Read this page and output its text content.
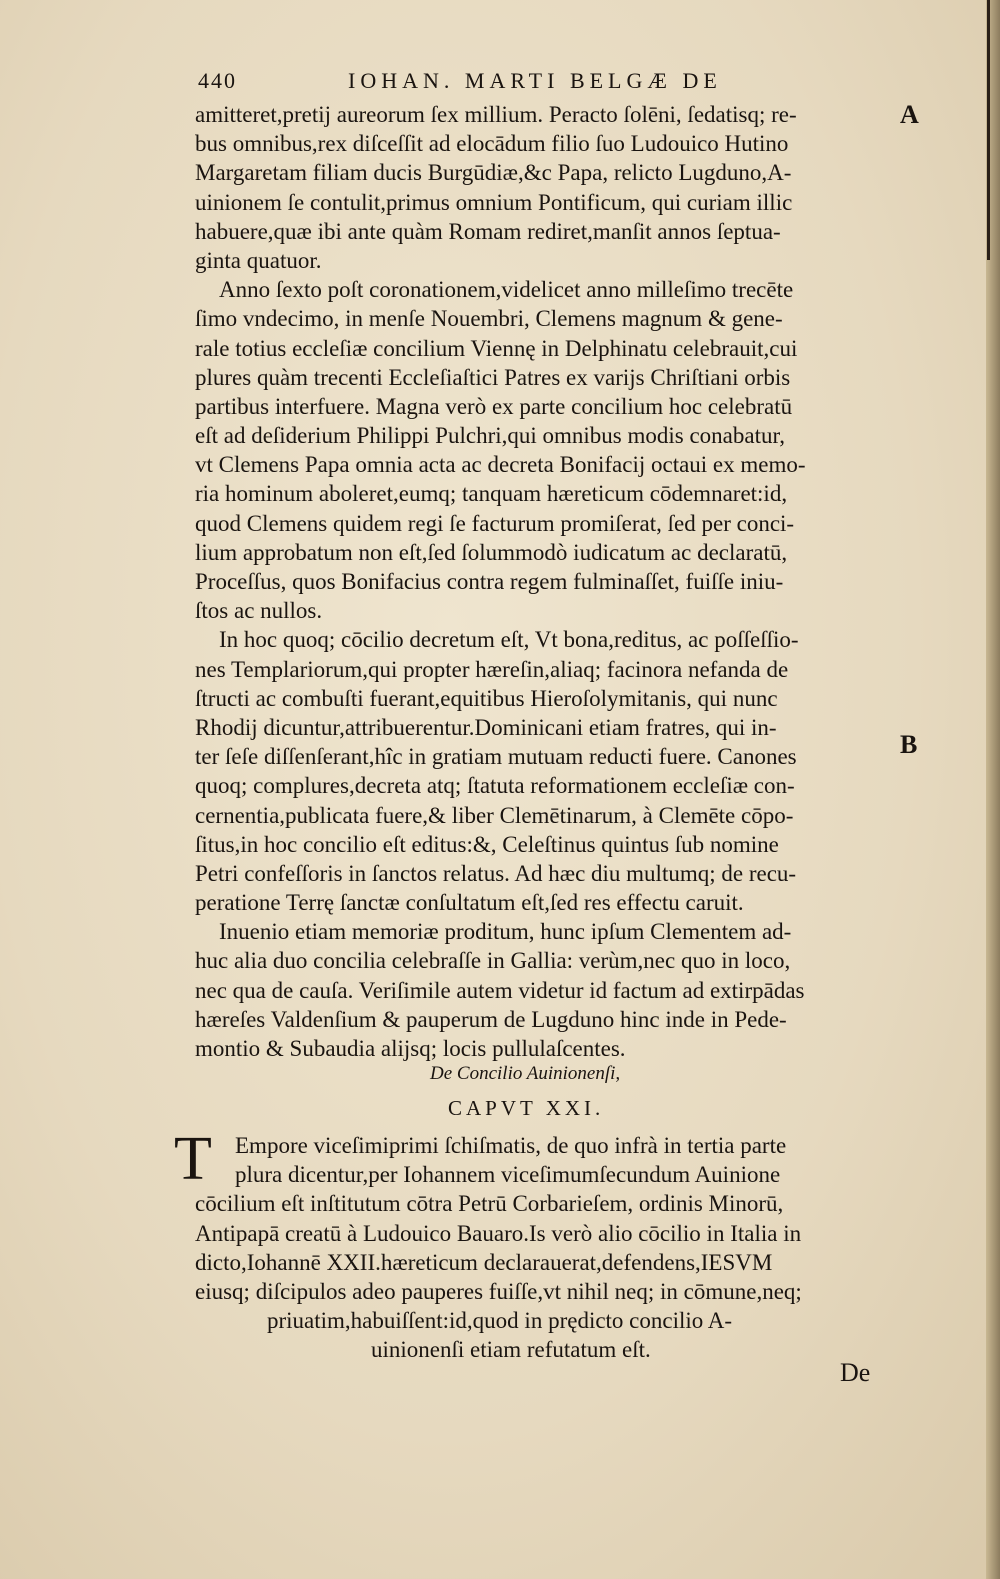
440	IOHAN. MARTI BELGÆ DE
A
B
amitteret,pretij aureorum ſex millium. Peracto ſolēni, ſedatisq; re-
bus omnibus,rex diſceſſit ad elocādum filio ſuo Ludouico Hutino
Margaretam filiam ducis Burgūdiæ,&c Papa, relicto Lugduno,A-
uinionem ſe contulit,primus omnium Pontificum, qui curiam illic
habuere,quæ ibi ante quàm Romam rediret,manſit annos ſeptua-
ginta quatuor.
Anno ſexto poſt coronationem,videlicet anno milleſimo trecēte
ſimo vndecimo, in menſe Nouembri, Clemens magnum & gene-
rale totius eccleſiæ concilium Viennę in Delphinatu celebrauit,cui
plures quàm trecenti Eccleſiaſtici Patres ex varijs Chriſtiani orbis
partibus interfuere. Magna verò ex parte concilium hoc celebratū
eſt ad deſiderium Philippi Pulchri,qui omnibus modis conabatur,
vt Clemens Papa omnia acta ac decreta Bonifacij octaui ex memo-
ria hominum aboleret,eumq; tanquam hæreticum cōdemnaret:id,
quod Clemens quidem regi ſe facturum promiſerat, ſed per conci-
lium approbatum non eſt,ſed ſolummodò iudicatum ac declaratū,
Proceſſus, quos Bonifacius contra regem fulminaſſet, fuiſſe iniu-
ſtos ac nullos.
In hoc quoq; cōcilio decretum eſt, Vt bona,reditus, ac poſſeſſio-
nes Templariorum,qui propter hæreſin,aliaq; facinora nefanda de
ſtructi ac combuſti fuerant,equitibus Hieroſolymitanis, qui nunc
Rhodij dicuntur,attribuerentur.Dominicani etiam fratres, qui in-
ter ſeſe diſſenſerant,hîc in gratiam mutuam reducti fuere. Canones
quoq; complures,decreta atq; ſtatuta reformationem eccleſiæ con-
cernentia,publicata fuere,& liber Clemētinarum, à Clemēte cōpo-
ſitus,in hoc concilio eſt editus:&, Celeſtinus quintus ſub nomine
Petri confeſſoris in ſanctos relatus. Ad hæc diu multumq; de recu-
peratione Terrę ſanctæ conſultatum eſt,ſed res effectu caruit.
Inuenio etiam memoriæ proditum, hunc ipſum Clementem ad-
huc alia duo concilia celebraſſe in Gallia: verùm,nec quo in loco,
nec qua de cauſa. Veriſimile autem videtur id factum ad extirpādas
hæreſes Valdenſium & pauperum de Lugduno hinc inde in Pede-
montio & Subaudia alijsq; locis pullulaſcentes.
De Concilio Auinionenſi,
CAPVT XXI.
T	Empore viceſimiprimi ſchiſmatis, de quo infrà in tertia parte
plura dicentur,per Iohannem viceſimumſecundum Auinione
cōcilium eſt inſtitutum cōtra Petrū Corbarieſem, ordinis Minorū,
Antipapā creatū à Ludouico Bauaro.Is verò alio cōcilio in Italia in
dicto,Iohannē XXII.hæreticum declarauerat,defendens,IESVM
eiusq; diſcipulos adeo pauperes fuiſſe,vt nihil neq; in cōmune,neq;
priuatim,habuiſſent:id,quod in prędicto concilio A-
uinionenſi etiam refutatum eſt.
De
